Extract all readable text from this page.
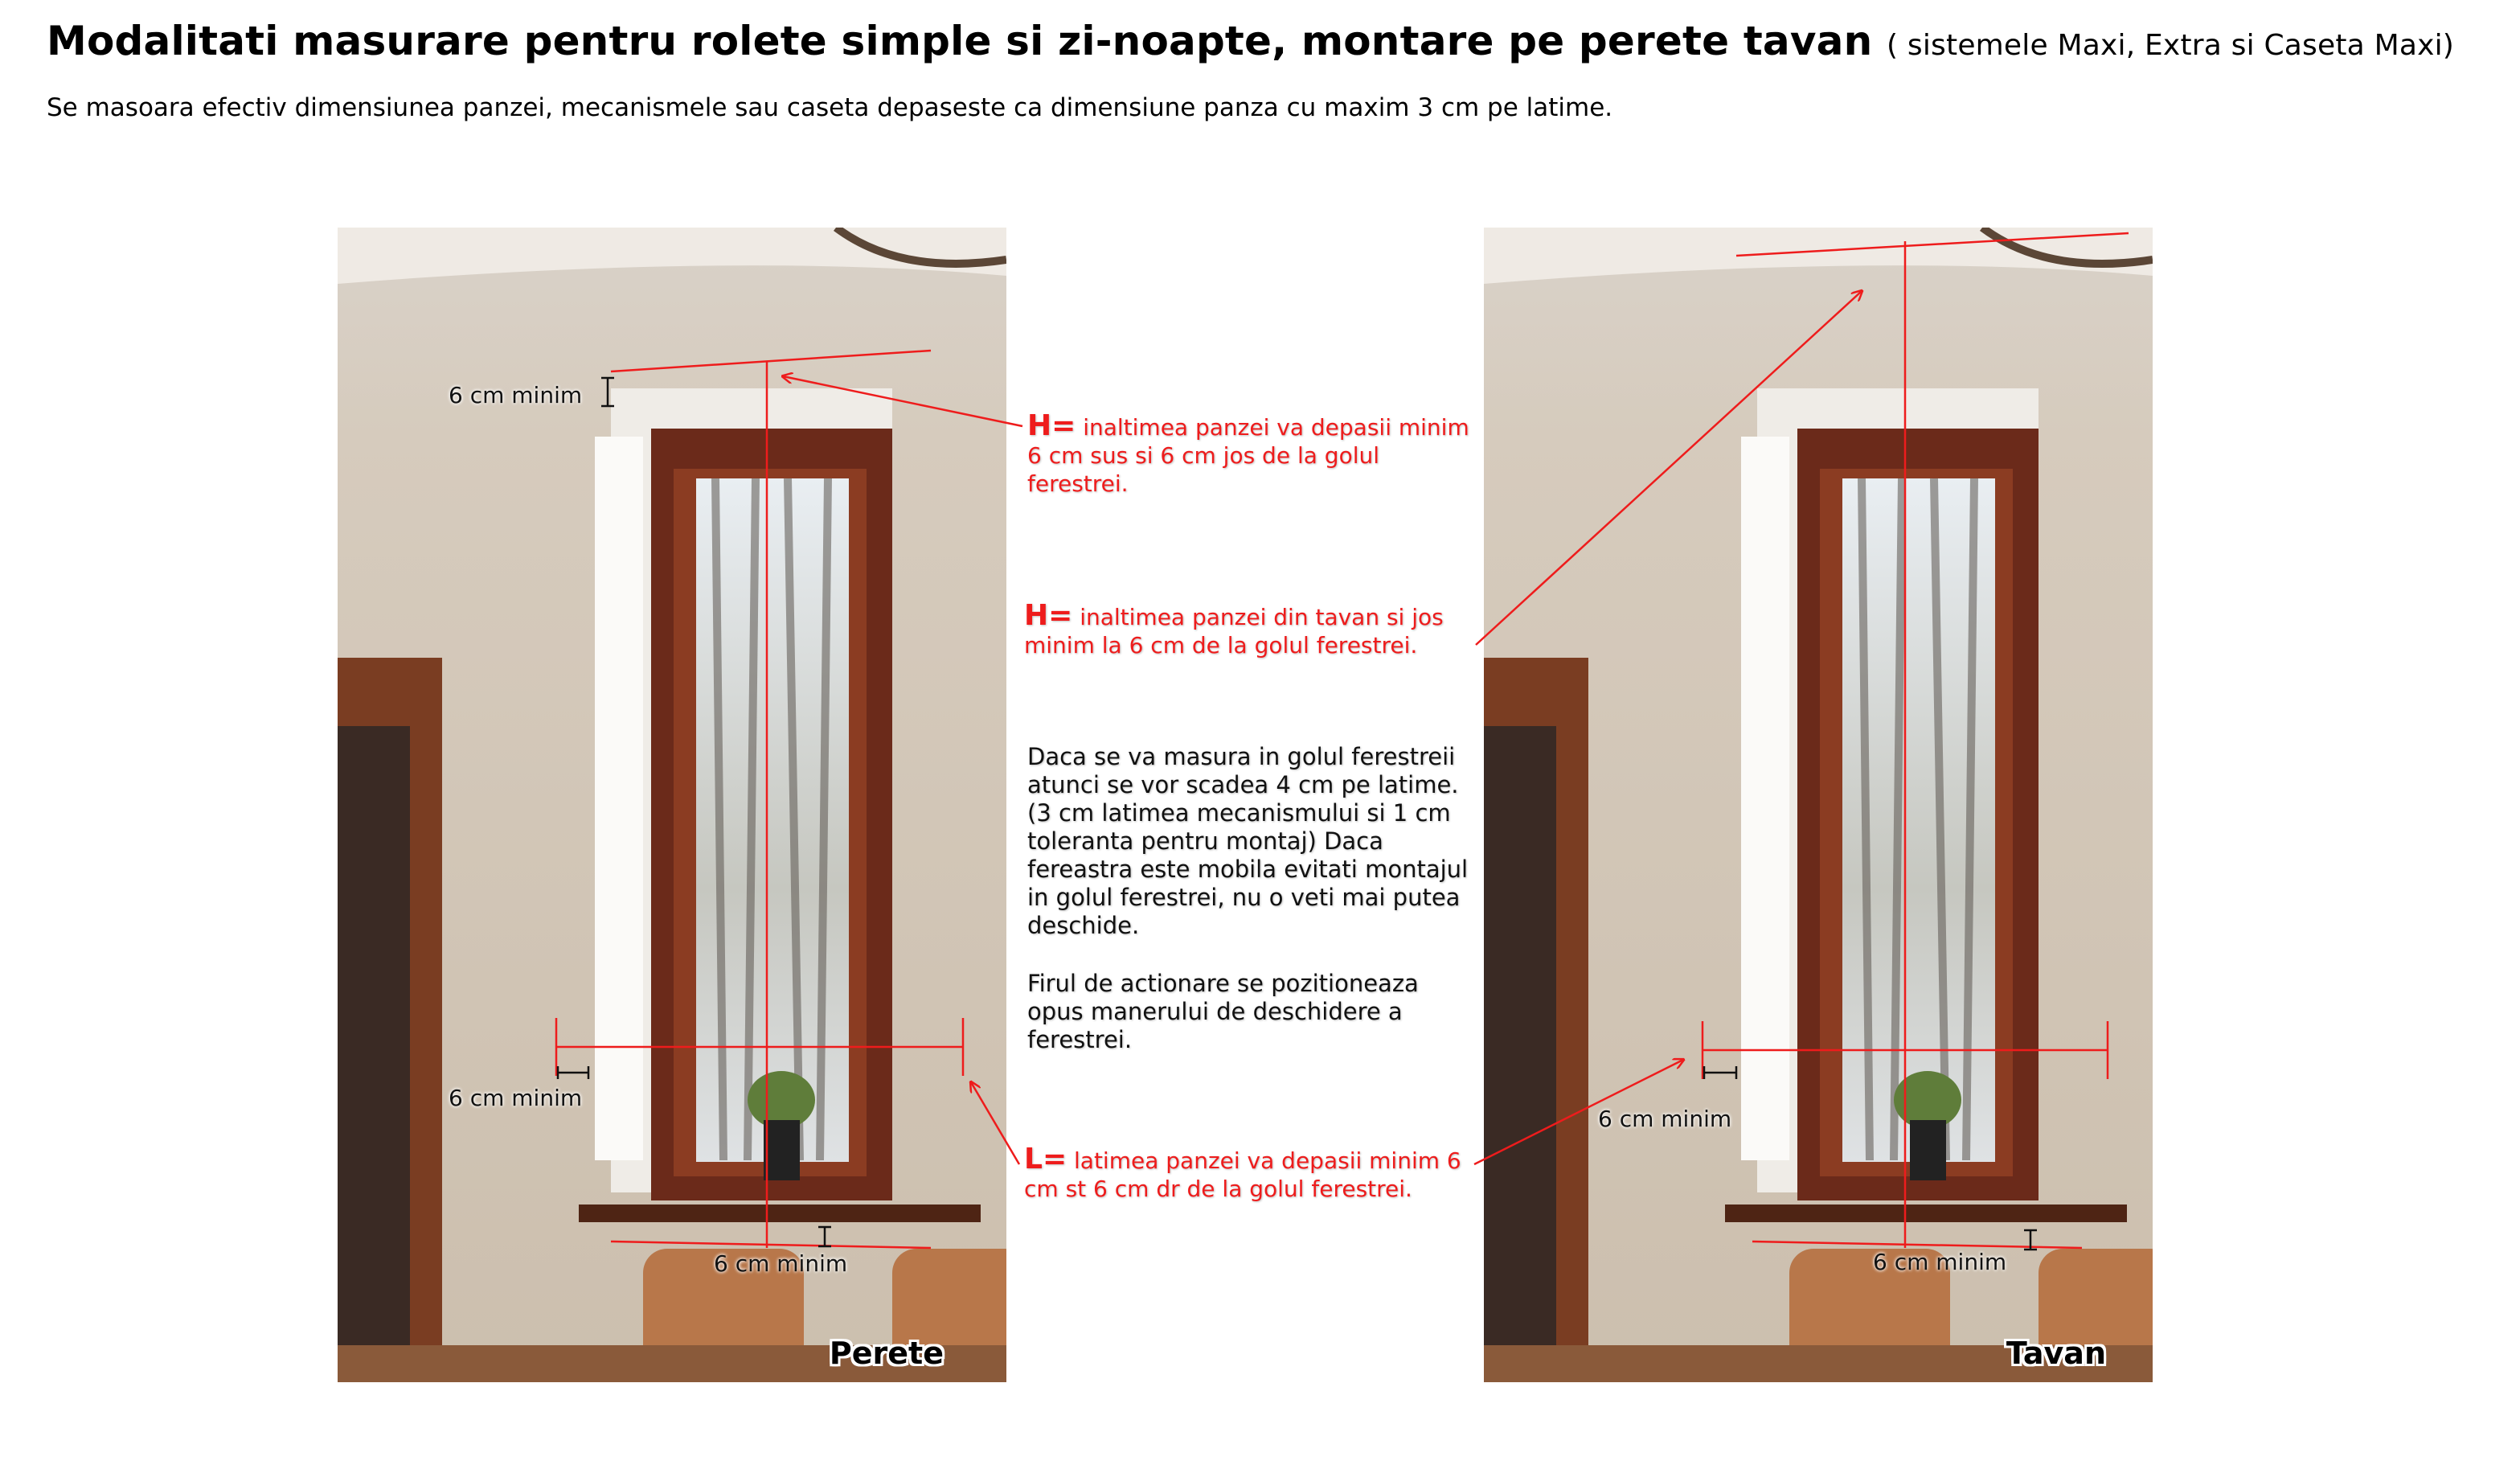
Modalitati masurare pentru rolete simple si zi-noapte, montare pe perete tavan ( sistemele Maxi, Extra si Caseta Maxi)
Se masoara efectiv dimensiunea panzei, mecanismele sau caseta depaseste ca dimensiune panza cu maxim 3 cm pe latime.
6 cm minim
6 cm minim
6 cm minim
Perete
6 cm minim
6 cm minim
Tavan
H= inaltimea panzei va depasii minim 6 cm sus si 6 cm jos de la golul ferestrei.
H= inaltimea panzei din tavan si jos minim la 6 cm de la golul ferestrei.
Daca se va masura in golul ferestreii atunci se vor scadea 4 cm pe latime. (3 cm latimea mecanismului si 1 cm toleranta pentru montaj) Daca fereastra este mobila evitati montajul in golul ferestrei, nu o veti mai putea deschide.
Firul de actionare se pozitioneaza opus manerului de deschidere a ferestrei.
L= latimea panzei va depasii minim 6 cm st 6 cm dr de la golul ferestrei.
